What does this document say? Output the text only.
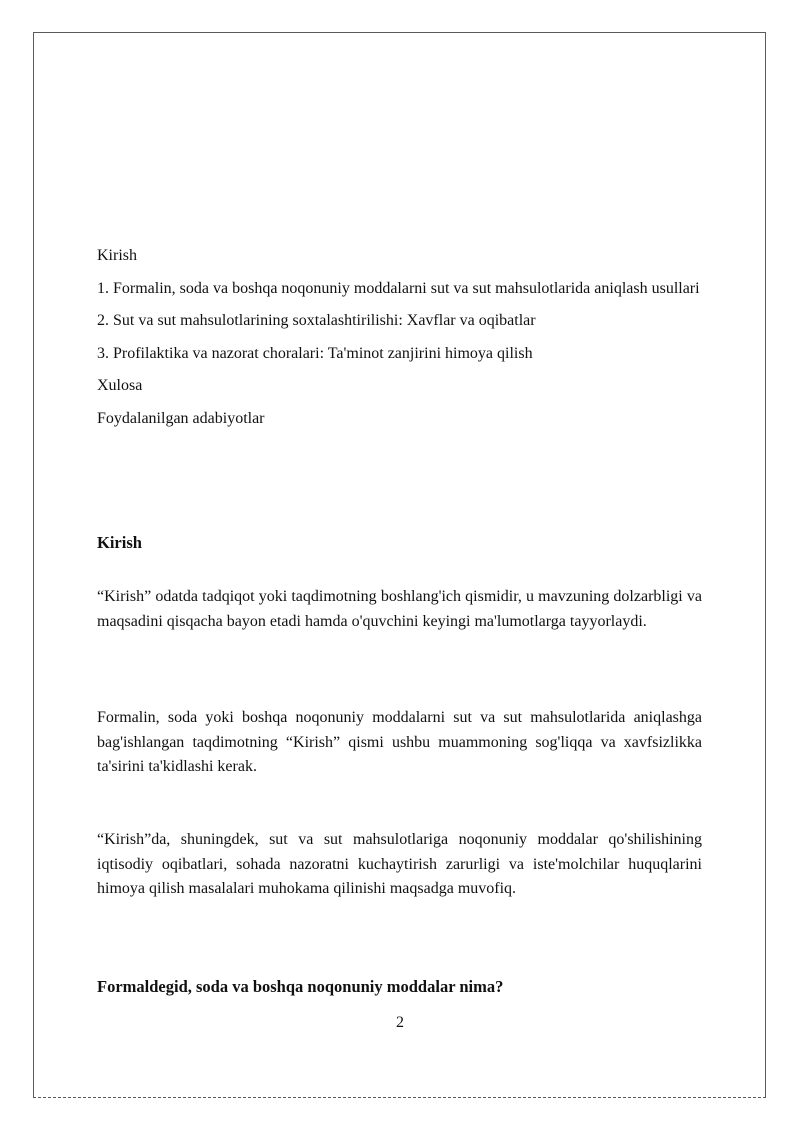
Kirish
1. Formalin, soda va boshqa noqonuniy moddalarni sut va sut mahsulotlarida aniqlash usullari
2. Sut va sut mahsulotlarining soxtalashtirilishi: Xavflar va oqibatlar
3. Profilaktika va nazorat choralari: Ta'minot zanjirini himoya qilish
Xulosa
Foydalanilgan adabiyotlar
Kirish

“Kirish” odatda tadqiqot yoki taqdimotning boshlang'ich qismidir, u mavzuning dolzarbligi va maqsadini qisqacha bayon etadi hamda o'quvchini keyingi ma'lumotlarga tayyorlaydi.

Formalin, soda yoki boshqa noqonuniy moddalarni sut va sut mahsulotlarida aniqlashga bag'ishlangan taqdimotning “Kirish” qismi ushbu muammoning sog'liqqa va xavfsizlikka ta'sirini ta'kidlashi kerak.

“Kirish”da, shuningdek, sut va sut mahsulotlariga noqonuniy moddalar qo'shilishining iqtisodiy oqibatlari, sohada nazoratni kuchaytirish zarurligi va iste'molchilar huquqlarini himoya qilish masalalari muhokama qilinishi maqsadga muvofiq.

Formaldegid, soda va boshqa noqonuniy moddalar nima?
2
